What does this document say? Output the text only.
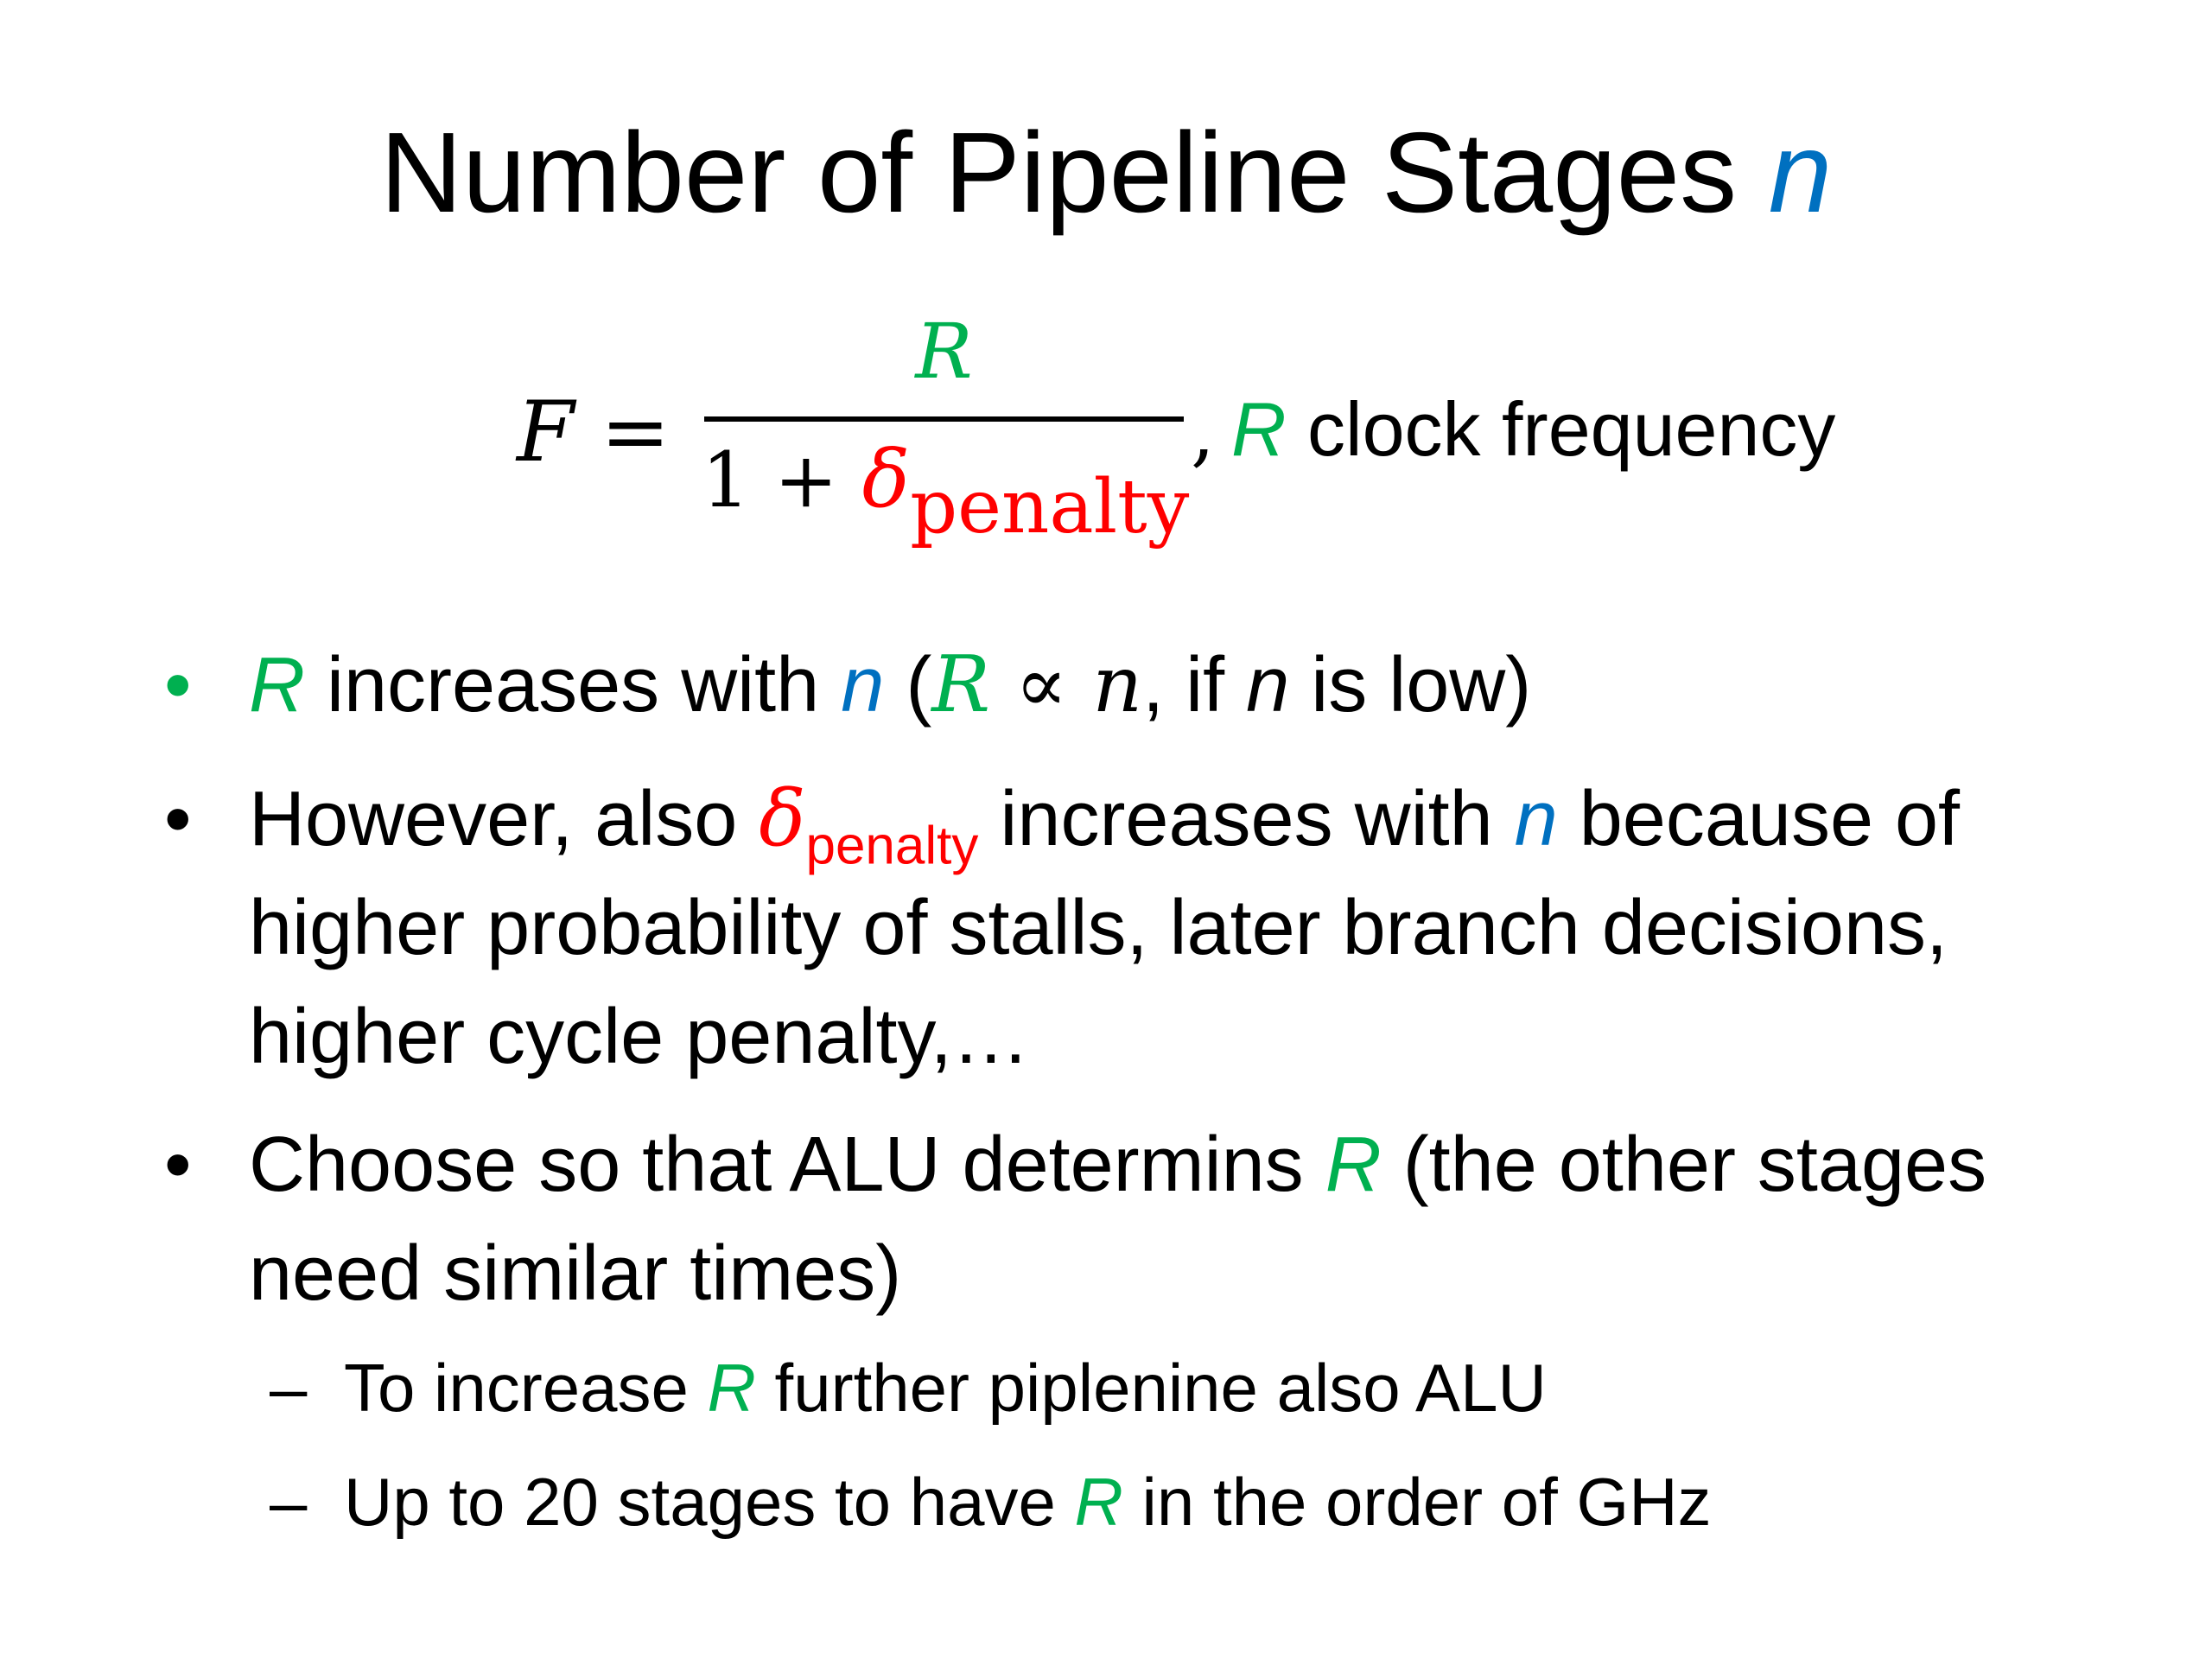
Number of Pipeline Stages n
F =
R
$1 + \delta_{penalty}$
, R clock frequency
• R increases with n (R ∝ n, if n is low)
• However, also $\delta_{penalty}$ increases with n because of higher probability of stalls, later branch decisions, higher cycle penalty,…
• Choose so that ALU determins R (the other stages need similar times)
– To increase R further piplenine also ALU
– Up to 20 stages to have R in the order of GHz
